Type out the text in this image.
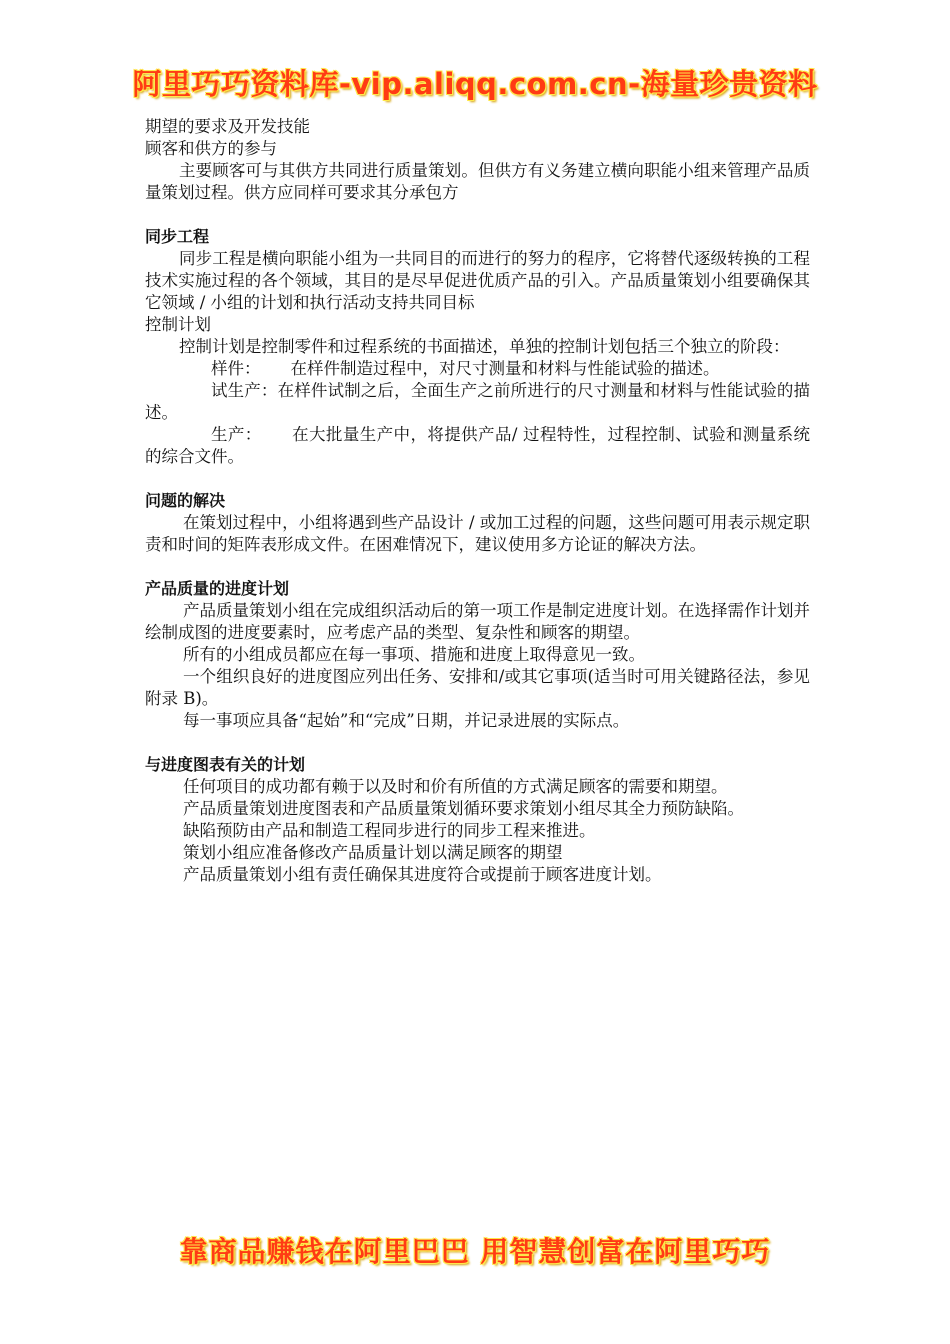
阿里巧巧资料库-vip.aliqq.com.cn-海量珍贵资料

期望的要求及开发技能

顾客和供方的参与

主要顾客可与其供方共同进行质量策划。但供方有义务建立横向职能小组来管理产品质量策划过程。供方应同样可要求其分承包方

同步工程

同步工程是横向职能小组为一共同目的而进行的努力的程序，它将替代逐级转换的工程技术实施过程的各个领域，其目的是尽早促进优质产品的引入。产品质量策划小组要确保其它领域 / 小组的计划和执行活动支持共同目标

控制计划

控制计划是控制零件和过程系统的书面描述，单独的控制计划包括三个独立的阶段：

样件： 在样件制造过程中，对尺寸测量和材料与性能试验的描述。

试生产：在样件试制之后，全面生产之前所进行的尺寸测量和材料与性能试验的描述。

生产： 在大批量生产中，将提供产品/ 过程特性，过程控制、试验和测量系统的综合文件。

问题的解决

在策划过程中，小组将遇到些产品设计 / 或加工过程的问题，这些问题可用表示规定职责和时间的矩阵表形成文件。在困难情况下，建议使用多方论证的解决方法。

产品质量的进度计划

产品质量策划小组在完成组织活动后的第一项工作是制定进度计划。在选择需作计划并绘制成图的进度要素时，应考虑产品的类型、复杂性和顾客的期望。

所有的小组成员都应在每一事项、措施和进度上取得意见一致。

一个组织良好的进度图应列出任务、安排和/或其它事项(适当时可用关键路径法，参见附录 B)。

每一事项应具备“起始”和“完成”日期，并记录进展的实际点。

与进度图表有关的计划

任何项目的成功都有赖于以及时和价有所值的方式满足顾客的需要和期望。

产品质量策划进度图表和产品质量策划循环要求策划小组尽其全力预防缺陷。

缺陷预防由产品和制造工程同步进行的同步工程来推进。

策划小组应准备修改产品质量计划以满足顾客的期望

产品质量策划小组有责任确保其进度符合或提前于顾客进度计划。

靠商品赚钱在阿里巴巴 用智慧创富在阿里巧巧
